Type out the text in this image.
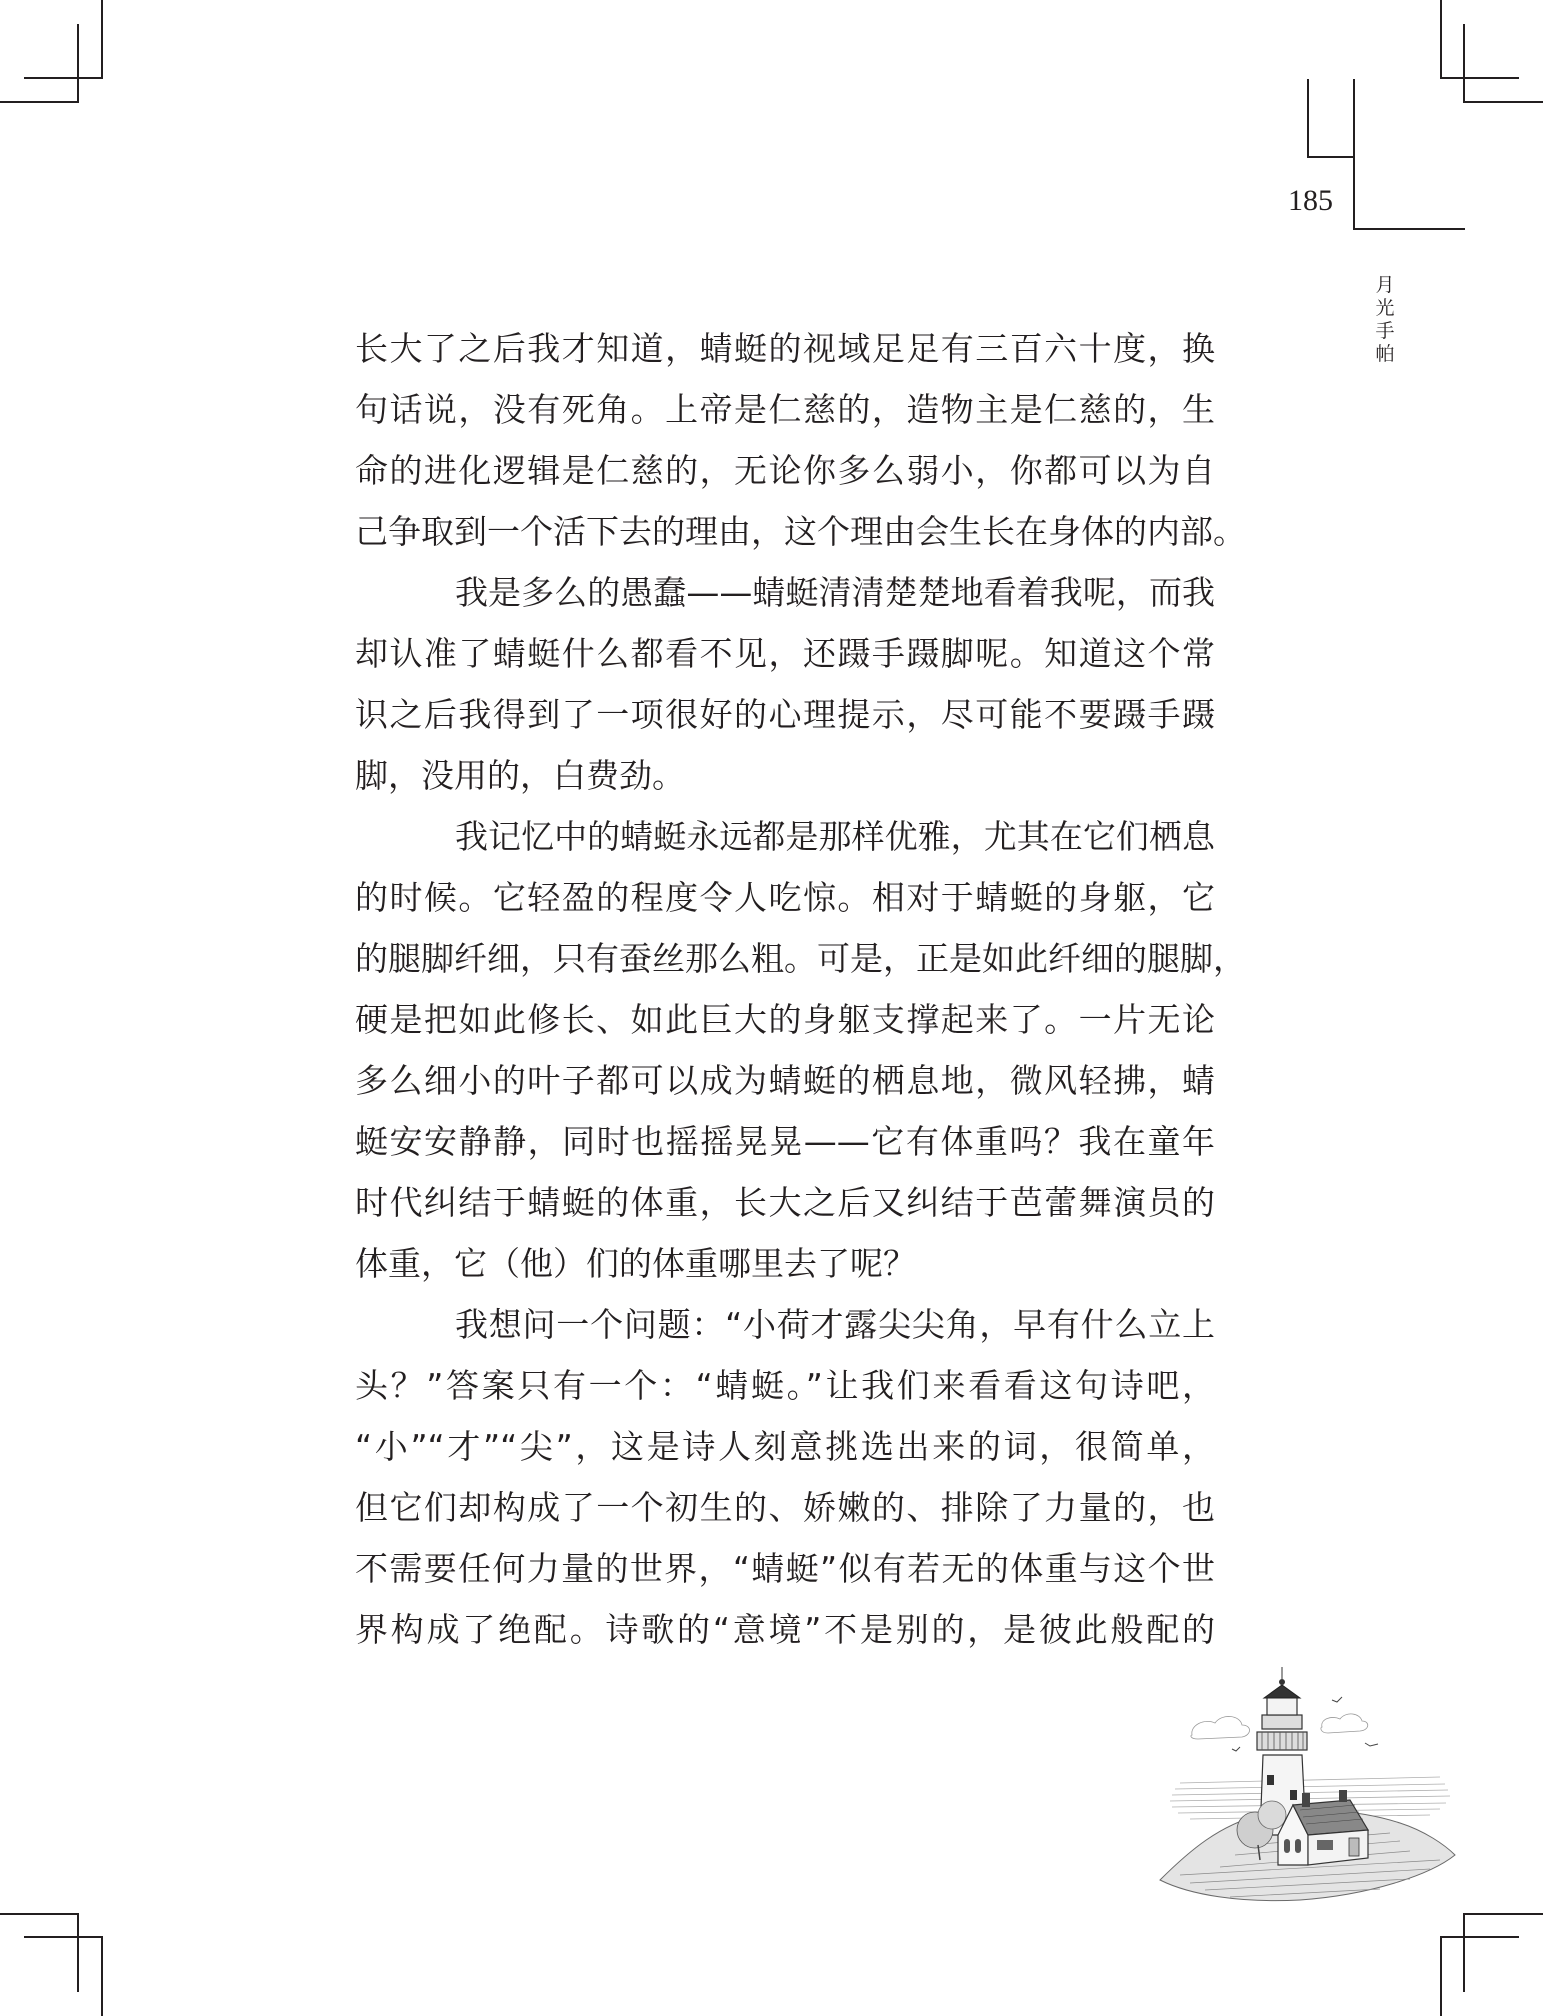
185
月光手帕
长大了之后我才知道，蜻蜓的视域足足有三百六十度，换
句话说，没有死角。上帝是仁慈的，造物主是仁慈的，生
命的进化逻辑是仁慈的，无论你多么弱小，你都可以为自
己争取到一个活下去的理由，这个理由会生长在身体的内部。
我是多么的愚蠢——蜻蜓清清楚楚地看着我呢，而我
却认准了蜻蜓什么都看不见，还蹑手蹑脚呢。知道这个常
识之后我得到了一项很好的心理提示，尽可能不要蹑手蹑
脚，没用的，白费劲。
我记忆中的蜻蜓永远都是那样优雅，尤其在它们栖息
的时候。它轻盈的程度令人吃惊。相对于蜻蜓的身躯，它
的腿脚纤细，只有蚕丝那么粗。可是，正是如此纤细的腿脚，
硬是把如此修长、如此巨大的身躯支撑起来了。一片无论
多么细小的叶子都可以成为蜻蜓的栖息地，微风轻拂，蜻
蜓安安静静，同时也摇摇晃晃——它有体重吗？我在童年
时代纠结于蜻蜓的体重，长大之后又纠结于芭蕾舞演员的
体重，它（他）们的体重哪里去了呢？
我想问一个问题：“小荷才露尖尖角，早有什么立上
头？”答案只有一个：“蜻蜓。”让我们来看看这句诗吧，
“小”“才”“尖”，这是诗人刻意挑选出来的词，很简单，
但它们却构成了一个初生的、娇嫩的、排除了力量的，也
不需要任何力量的世界，“蜻蜓”似有若无的体重与这个世
界构成了绝配。诗歌的“意境”不是别的，是彼此般配的
